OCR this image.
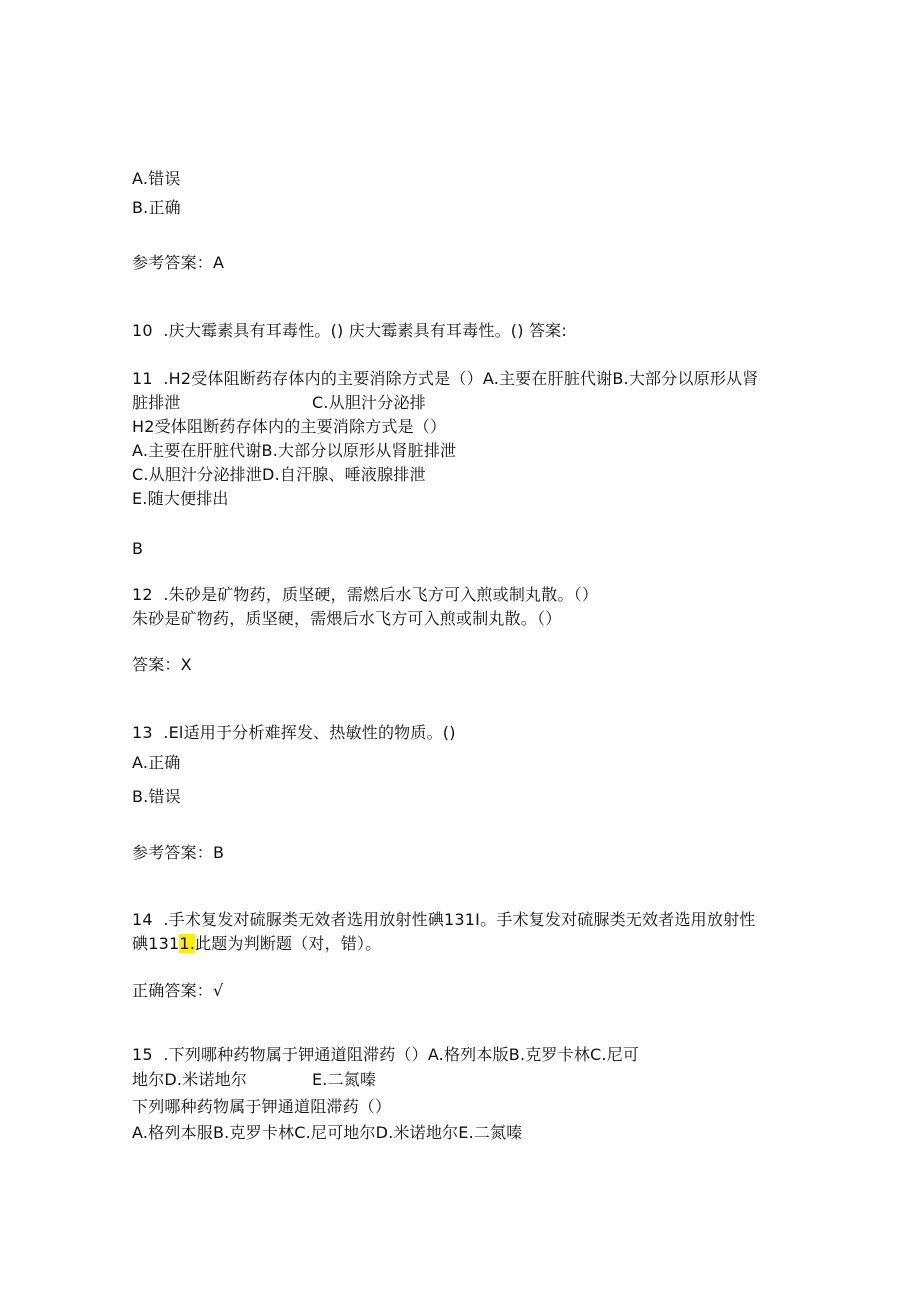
A.错误
B.正确
参考答案：A
10  .庆大霉素具有耳毒性。() 庆大霉素具有耳毒性。() 答案:
11  .H2受体阻断药存体内的主要消除方式是（）A.主要在肝脏代谢B.大部分以原形从肾
脏排泄	C.从胆汁分泌排
H2受体阻断药存体内的主要消除方式是（）
A.主要在肝脏代谢B.大部分以原形从肾脏排泄
C.从胆汁分泌排泄D.自汗腺、唾液腺排泄
E.随大便排出
B
12  .朱砂是矿物药，质坚硬，需燃后水飞方可入煎或制丸散。（）
朱砂是矿物药，质坚硬，需煨后水飞方可入煎或制丸散。（）
答案：X
13  .El适用于分析难挥发、热敏性的物质。()
A.正确
B.错误
参考答案：B
14  .手术复发对硫脲类无效者选用放射性碘131I。手术复发对硫脲类无效者选用放射性
碘1311.此题为判断题（对，错）。
正确答案：√
15  .下列哪种药物属于钾通道阻滞药（）A.格列本版B.克罗卡林C.尼可
地尔D.米诺地尔	E.二氮嗪
下列哪种药物属于钾通道阻滞药（）
A.格列本服B.克罗卡林C.尼可地尔D.米诺地尔E.二氮嗪
